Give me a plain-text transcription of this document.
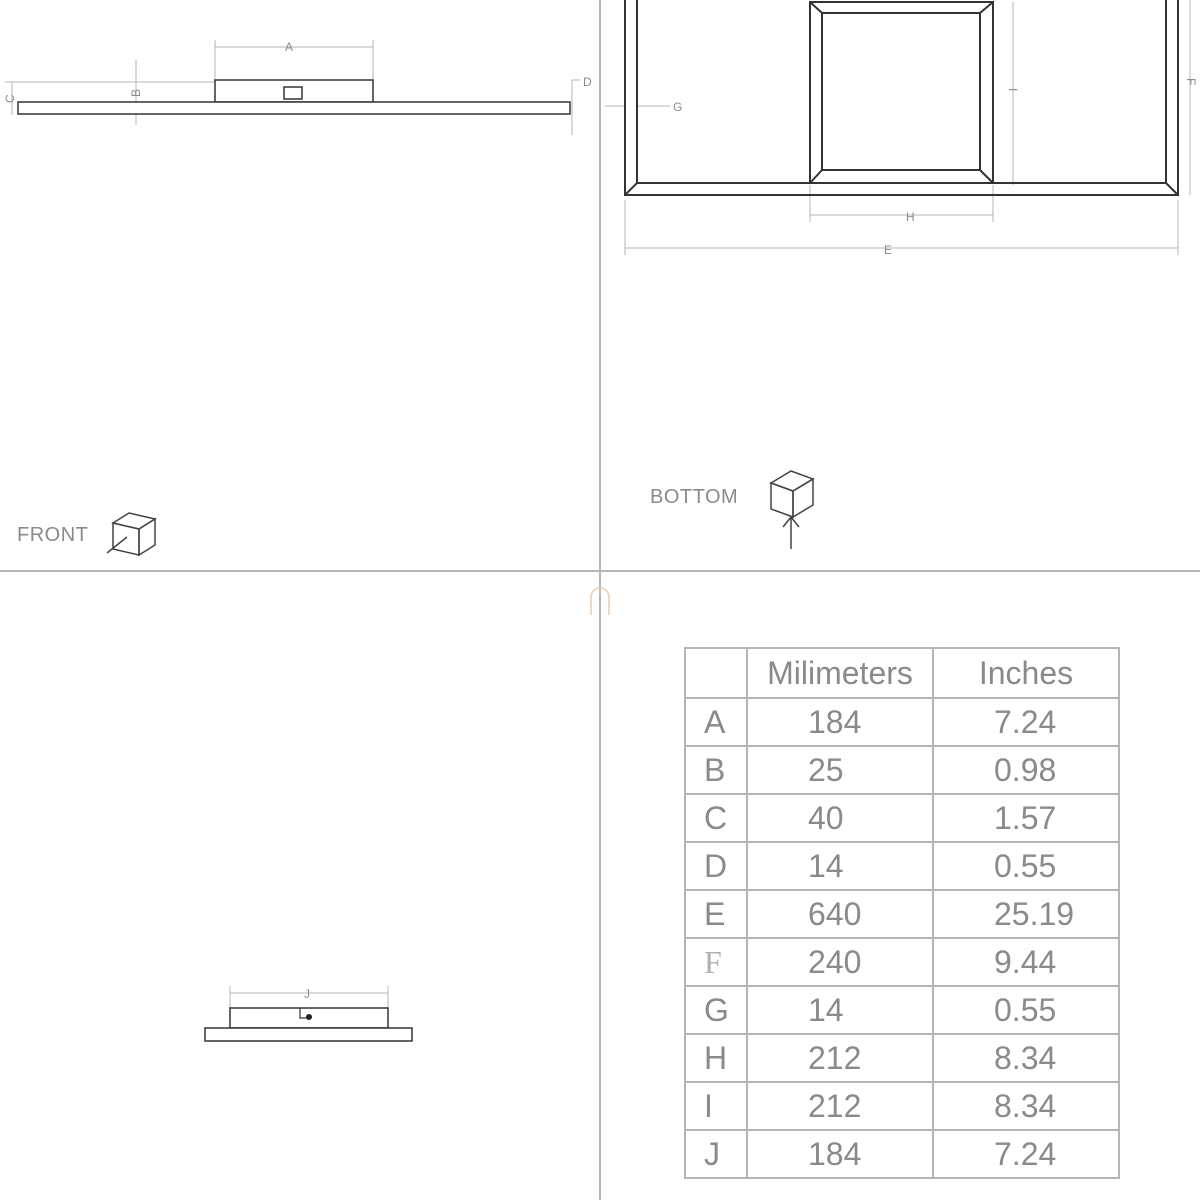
A
B
C
D
FRONT
E
H
I
F
G
BOTTOM
J
	Milimeters	Inches
A	184	7.24
B	25	0.98
C	40	1.57
D	14	0.55
E	640	25.19
F	240	9.44
G	14	0.55
H	212	8.34
I	212	8.34
J	184	7.24
